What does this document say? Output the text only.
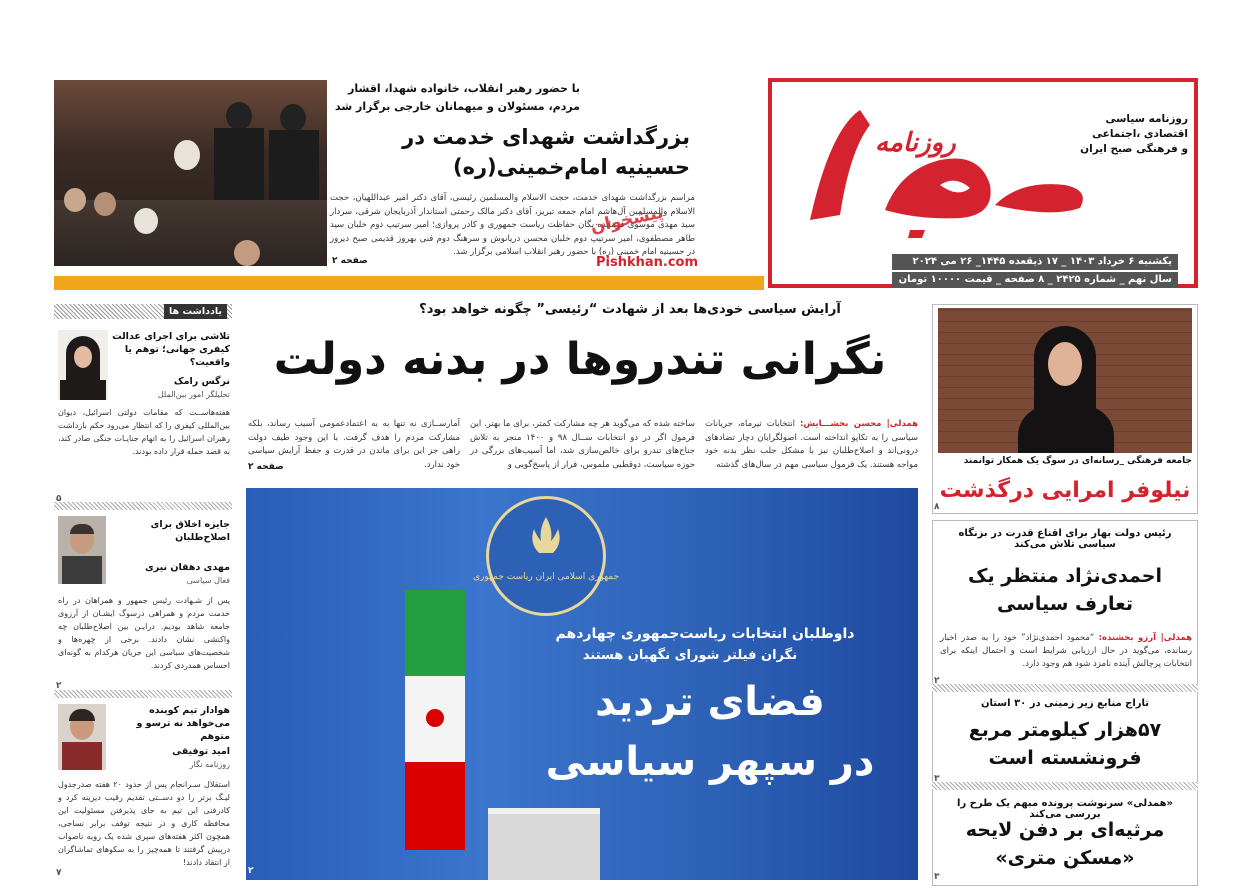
روزنامه
روزنامه سیاسی
اقتصادی ،اجتماعی
و فرهنگی صبح ایران
یکشنبه ۶ خرداد ۱۴۰۳ _ ۱۷ ذیقعده ۱۴۴۵_ ۲۶ می ۲۰۲۴
سال نهم _ شماره ۲۴۲۵ _ ۸ صفحه _ قیمت ۱۰۰۰۰ تومان
با حضور رهبر انقلاب، خانواده شهدا، اقشار مردم، مسئولان و میهمانان خارجی برگزار شد
بزرگداشت شهدای خدمت در حسینیه امام‌خمینی(ره)
مراسم بزرگداشت شهدای خدمت، حجت الاسلام والمسلمین رئیسی، آقای دکتر امیر عبداللهیان، حجت الاسلام والمسلمین آل‌هاشم امام جمعه تبریز، آقای دکتر مالک رحمتی استاندار آذربایجان شرقی، سردار سید مهدی موسوی فرمانده یگان حفاظت ریاست جمهوری و کادر پروازی؛ امیر سرتیپ دوم خلبان سید طاهر مصطفوی، امیر سرتیپ دوم خلبان محسن دریانوش و سرهنگ دوم فنی بهروز قدیمی صبح دیروز در حسینیه امام خمینی (ره) با حضور رهبر انقلاب اسلامی برگزار شد.
صفحه ۲
پیشخوان
Pishkhan.com
آرایش سیاسی خودی‌ها بعد از شهادت “رئیسی” چگونه خواهد بود؟
نگرانی تندروها در بدنه دولت
همدلی| محسن بخشـــایش: انتخابات تیرماه، جریانات سیاسی را به تکاپو انداخته است. اصولگرایان دچار تضادهای درونی‌اند و اصلاح‌طلبان نیز با مشکل جلب نظر بدنه خود مواجه هستند. یک فرمول سیاسی مهم در سال‌های گذشته
ساخته شده که می‌گوید هر چه مشارکت کمتر، برای ما بهتر. این فرمول اگر در دو انتخابات ســال ۹۸ و ۱۴۰۰ منجر به تلاش جناح‌های تندرو برای خالص‌سازی شد، اما آسیب‌های بزرگی در حوزه سیاست، دوقطبی ملموس، فرار از پاسخ‌گویی و
آمارســازی نه تنها به به اعتمادعمومی آسیب رساند، بلکه مشارکت مردم را هدف گرفت. با این وجود طیف دولت راهی جز این برای ماندن در قدرت و حفظ آرایش سیاسی خود ندارد.
صفحه ۲
جمهوری اسلامی ایران ریاست جمهوری
داوطلبان انتخابات ریاست‌جمهوری چهاردهم
نگران فیلتر شورای نگهبان هستند
فضای تردید
در سپهر سیاسی
۲
یادداشت ها
تلاشی برای اجرای عدالت کیفری جهانی؛ توهم یا واقعیت؟
نرگس رامک
تحلیلگر امور بین‌الملل
هفته‌هاســت که مقامات دولتی اسرائیل، دیوان بین‌المللی کیفری را که انتظار می‌رود حکم بازداشت رهبران اسرائیل را به اتهام جنایـات جنگی صادر کند، به قصد حمله قرار داده بودند.
۵
جایزه اخلاق برای اصلاح‌طلبان
مهدی دهقان نیری
فعال سیاسی
پس از شـهادت رئیس جمهور و همراهان در راه خدمت مردم و همراهی درسوگ ایشـان از آرزوی جامعه شاهد بودیم. درایـن بین اصلاح‌طلبان چه واکنشی نشان دادند. برخی از چهره‌ها و شخصیت‌های سیاسی این جریان هرکدام به گونه‌ای احساس همدردی کردند.
۲
هوادار تیم کوبنده می‌خواهد نه ترسو و متوهم
امید توفیقی
روزنامه نگار
استقلال سـرانجام پس از حدود ۲۰ هفته صدرجدول لیـگ برتر را دو دســتی تقدیم رقیب دیرینه کرد و کادرفنی این تیم به جای پذیرفتن مسئولیت این محافظه کاری و در نتیجه توقف برابر نساجی، همچون اکثر هفته‌های سپری شده یک رویه ناصواب درپیش گرفتند تا همه‌چیز را به سکوهای تماشاگران از انتقاد دادند!
۷
جامعه فرهنگی _رسانه‌ای در سوگ یک همکار توانمند
نیلوفر امرایی درگذشت
۸
رئیس دولت بهار برای اقناع قدرت در بزنگاه سیاسی تلاش می‌کند
احمدی‌نژاد منتظر یک تعارف سیاسی
همدلی| آرزو بخشنده: “محمود احمدی‌نژاد” خود را به صدر اخبار رسانده، می‌گوید در حال ارزیابی شرایط است و احتمال اینکه برای انتخابات پرچالش آینده نامزد شود هم وجود دارد.
۲
تاراج منابع زیر زمینی در ۳۰ استان
۵۷هزار کیلومتر مربع فرونشسته است
۳
«همدلی» سرنوشت پرونده مبهم یک طرح را بررسی می‌کند
مرثیه‌ای بر دفن لایحه «مسکن متری»
۳
